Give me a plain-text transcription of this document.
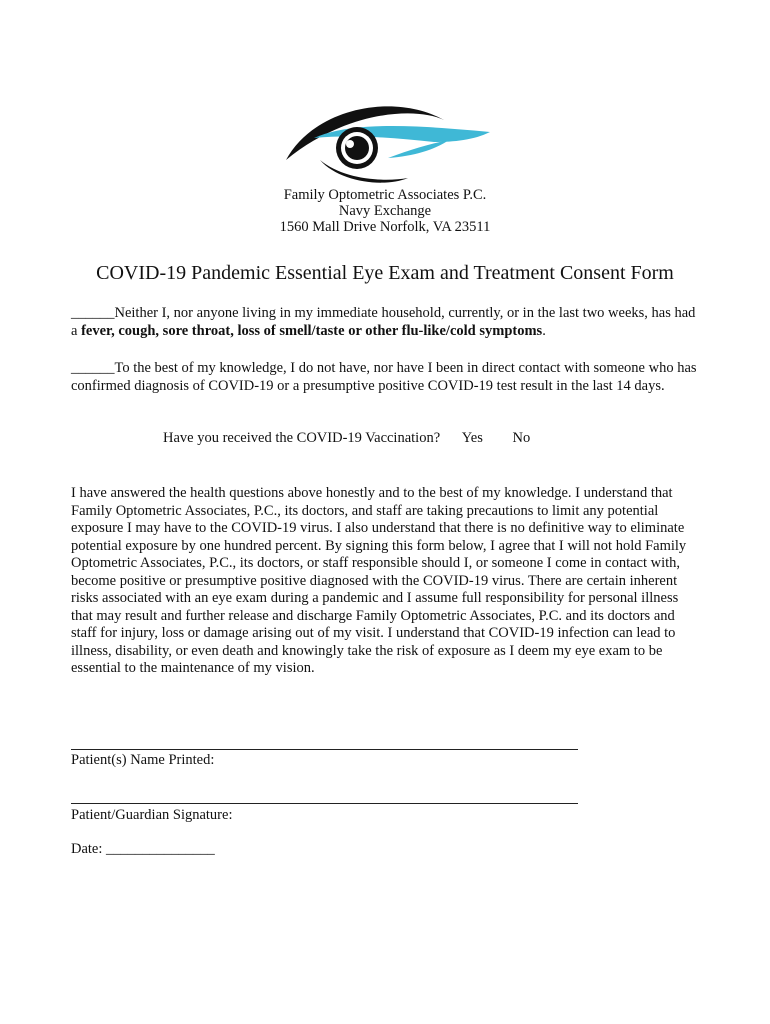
Family Optometric Associates P.C.
Navy Exchange
1560 Mall Drive Norfolk, VA 23511
COVID-19 Pandemic Essential Eye Exam and Treatment Consent Form
______Neither I, nor anyone living in my immediate household, currently, or in the last two weeks, has had a fever, cough, sore throat, loss of smell/taste or other flu-like/cold symptoms.
______To the best of my knowledge, I do not have, nor have I been in direct contact with someone who has confirmed diagnosis of COVID-19 or a presumptive positive COVID-19 test result in the last 14 days.
Have you received the COVID-19 Vaccination? Yes No
I have answered the health questions above honestly and to the best of my knowledge. I understand that Family Optometric Associates, P.C., its doctors, and staff are taking precautions to limit any potential exposure I may have to the COVID-19 virus. I also understand that there is no definitive way to eliminate potential exposure by one hundred percent. By signing this form below, I agree that I will not hold Family Optometric Associates, P.C., its doctors, or staff responsible should I, or someone I come in contact with, become positive or presumptive positive diagnosed with the COVID-19 virus. There are certain inherent risks associated with an eye exam during a pandemic and I assume full responsibility for personal illness that may result and further release and discharge Family Optometric Associates, P.C. and its doctors and staff for injury, loss or damage arising out of my visit. I understand that COVID-19 infection can lead to illness, disability, or even death and knowingly take the risk of exposure as I deem my eye exam to be essential to the maintenance of my vision.
Patient(s) Name Printed:
Patient/Guardian Signature:
Date: _______________
